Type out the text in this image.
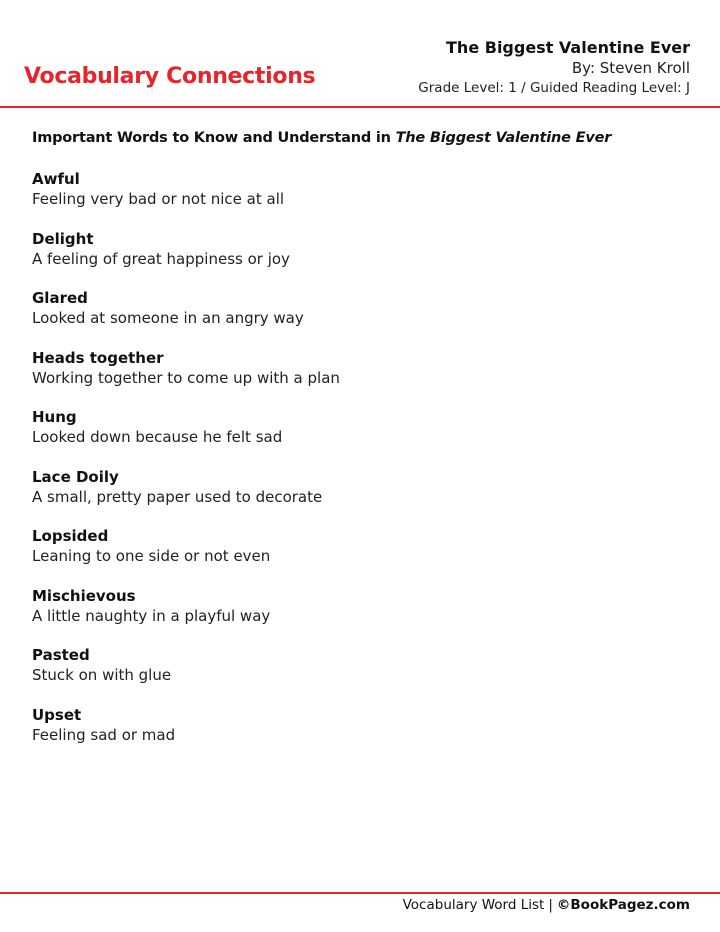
Vocabulary Connections
The Biggest Valentine Ever
By: Steven Kroll
Grade Level: 1 / Guided Reading Level: J
Important Words to Know and Understand in The Biggest Valentine Ever
Awful
Feeling very bad or not nice at all
Delight
A feeling of great happiness or joy
Glared
Looked at someone in an angry way
Heads together
Working together to come up with a plan
Hung
Looked down because he felt sad
Lace Doily
A small, pretty paper used to decorate
Lopsided
Leaning to one side or not even
Mischievous
A little naughty in a playful way
Pasted
Stuck on with glue
Upset
Feeling sad or mad
Vocabulary Word List | ©BookPagez.com
